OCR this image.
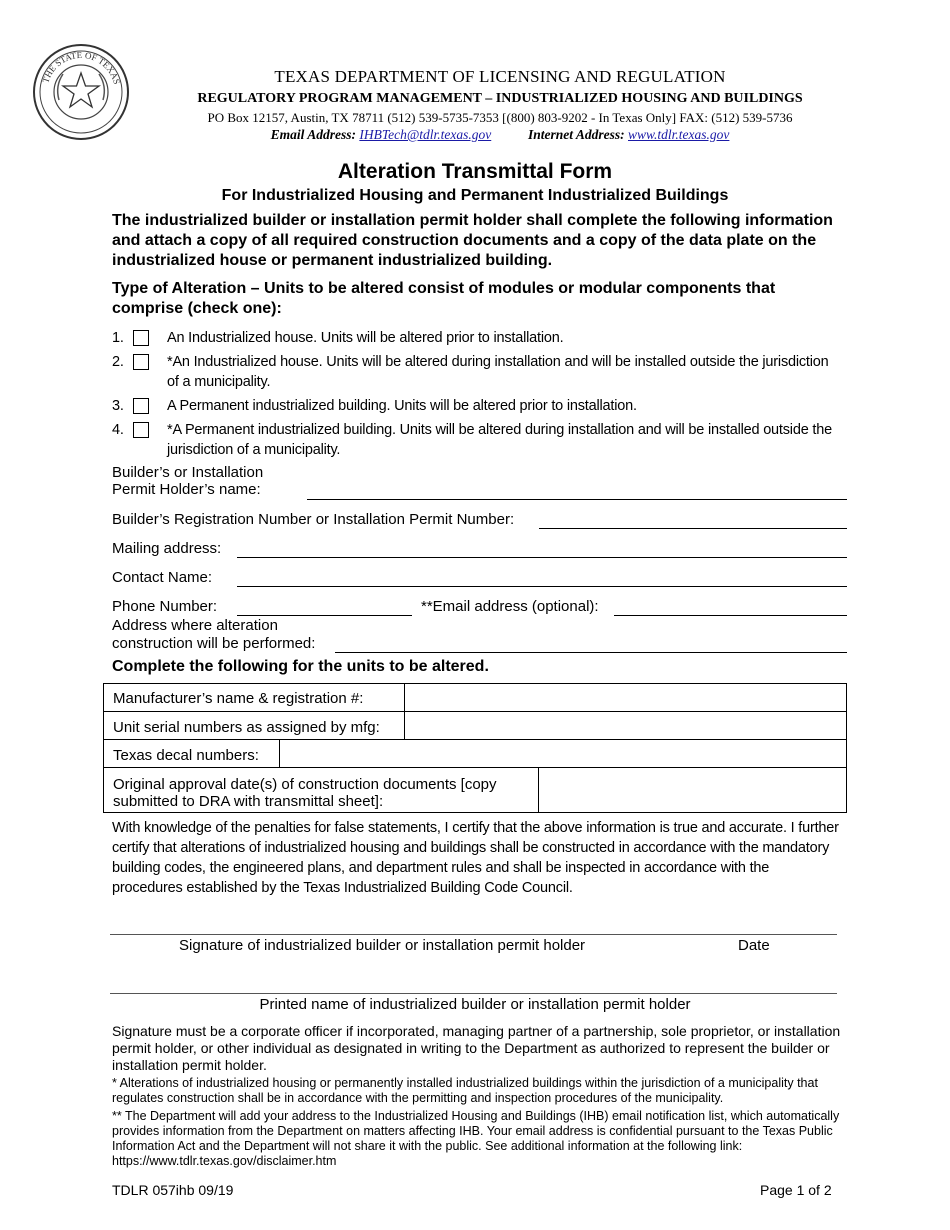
THE STATE OF TEXAS	TEXAS DEPARTMENT OF LICENSING AND REGULATION
REGULATORY PROGRAM MANAGEMENT – INDUSTRIALIZED HOUSING AND BUILDINGS
PO Box 12157, Austin, TX 78711 (512) 539-5735-7353 [(800) 803-9202 - In Texas Only] FAX: (512) 539-5736
Email Address: IHBTech@tdlr.texas.gov	Internet Address: www.tdlr.texas.gov
Alteration Transmittal Form
For Industrialized Housing and Permanent Industrialized Buildings
The industrialized builder or installation permit holder shall complete the following information and attach a copy of all required construction documents and a copy of the data plate on the industrialized house or permanent industrialized building.
Type of Alteration – Units to be altered consist of modules or modular components that comprise (check one):
1.	An Industrialized house. Units will be altered prior to installation.
2.	*An Industrialized house. Units will be altered during installation and will be installed outside the jurisdiction of a municipality.
3.	A Permanent industrialized building. Units will be altered prior to installation.
4.	*A Permanent industrialized building. Units will be altered during installation and will be installed outside the jurisdiction of a municipality.
Builder’s or Installation
Permit Holder’s name:
Builder’s Registration Number or Installation Permit Number:
Mailing address:
Contact Name:
Phone Number:	**Email address (optional):
Address where alteration
construction will be performed:
Complete the following for the units to be altered.
Manufacturer’s name & registration #:
Unit serial numbers as assigned by mfg:
Texas decal numbers:
Original approval date(s) of construction documents [copy
submitted to DRA with transmittal sheet]:
With knowledge of the penalties for false statements, I certify that the above information is true and accurate. I further certify that alterations of industrialized housing and buildings shall be constructed in accordance with the mandatory building codes, the engineered plans, and department rules and shall be inspected in accordance with the procedures established by the Texas Industrialized Building Code Council.
Signature of industrialized builder or installation permit holder	Date
Printed name of industrialized builder or installation permit holder
Signature must be a corporate officer if incorporated, managing partner of a partnership, sole proprietor, or installation permit holder, or other individual as designated in writing to the Department as authorized to represent the builder or installation permit holder.
* Alterations of industrialized housing or permanently installed industrialized buildings within the jurisdiction of a municipality that regulates construction shall be in accordance with the permitting and inspection procedures of the municipality.
** The Department will add your address to the Industrialized Housing and Buildings (IHB) email notification list, which automatically provides information from the Department on matters affecting IHB. Your email address is confidential pursuant to the Texas Public Information Act and the Department will not share it with the public. See additional information at the following link: https://www.tdlr.texas.gov/disclaimer.htm
TDLR 057ihb 09/19	Page 1 of 2
